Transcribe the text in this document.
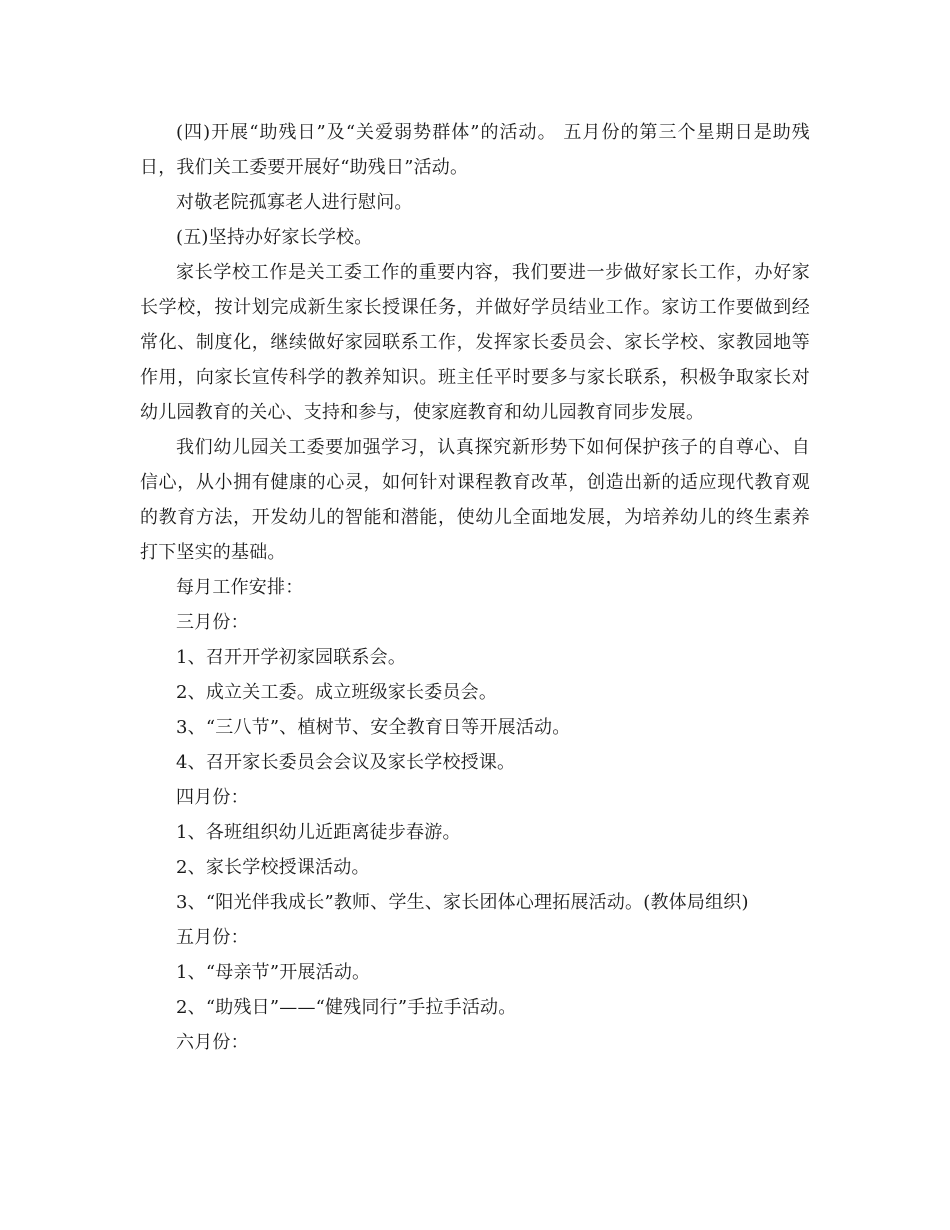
(四)开展“助残日”及“关爱弱势群体”的活动。 五月份的第三个星期日是助残日，我们关工委要开展好“助残日”活动。

对敬老院孤寡老人进行慰问。

(五)坚持办好家长学校。

家长学校工作是关工委工作的重要内容，我们要进一步做好家长工作，办好家长学校，按计划完成新生家长授课任务，并做好学员结业工作。家访工作要做到经常化、制度化，继续做好家园联系工作，发挥家长委员会、家长学校、家教园地等作用，向家长宣传科学的教养知识。班主任平时要多与家长联系，积极争取家长对幼儿园教育的关心、支持和参与，使家庭教育和幼儿园教育同步发展。

我们幼儿园关工委要加强学习，认真探究新形势下如何保护孩子的自尊心、自信心，从小拥有健康的心灵，如何针对课程教育改革，创造出新的适应现代教育观的教育方法，开发幼儿的智能和潜能，使幼儿全面地发展，为培养幼儿的终生素养打下坚实的基础。

每月工作安排：

三月份：

1、召开开学初家园联系会。

2、成立关工委。成立班级家长委员会。

3、“三八节”、植树节、安全教育日等开展活动。

4、召开家长委员会会议及家长学校授课。

四月份：

1、各班组织幼儿近距离徒步春游。

2、家长学校授课活动。

3、“阳光伴我成长”教师、学生、家长团体心理拓展活动。(教体局组织)

五月份：

1、“母亲节”开展活动。

2、“助残日”——“健残同行”手拉手活动。

六月份：
